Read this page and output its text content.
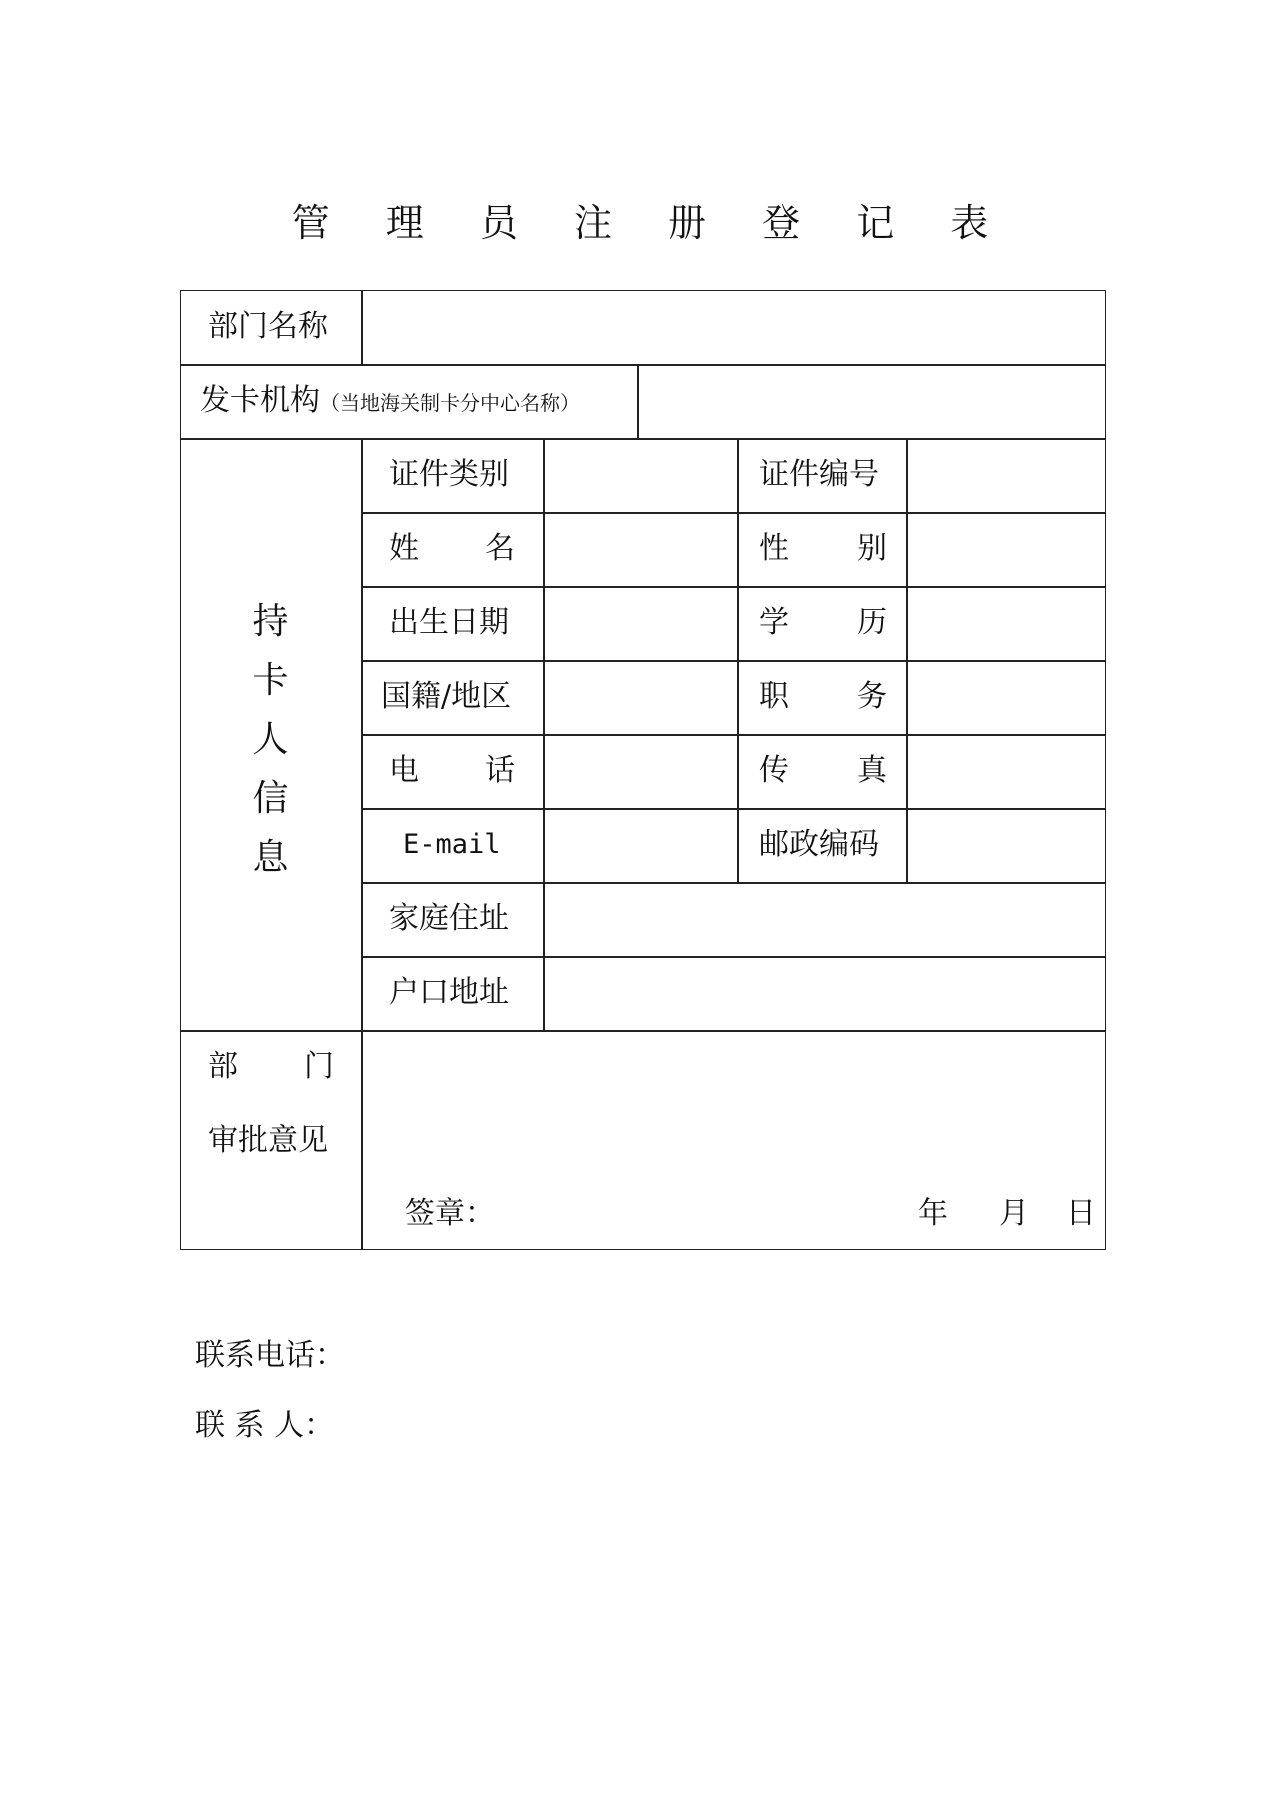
管 理 员 注 册 登 记 表
部门名称
发卡机构（当地海关制卡分中心名称）
持
卡
人
信
息
证件类别	证件编号
姓 名	性 别
出生日期	学 历
国籍/地区	职 务
电 话	传 真
E-mail	邮政编码
家庭住址
户口地址
部 门
审批意见
签章：	年 月 日
联系电话：
联 系 人：
